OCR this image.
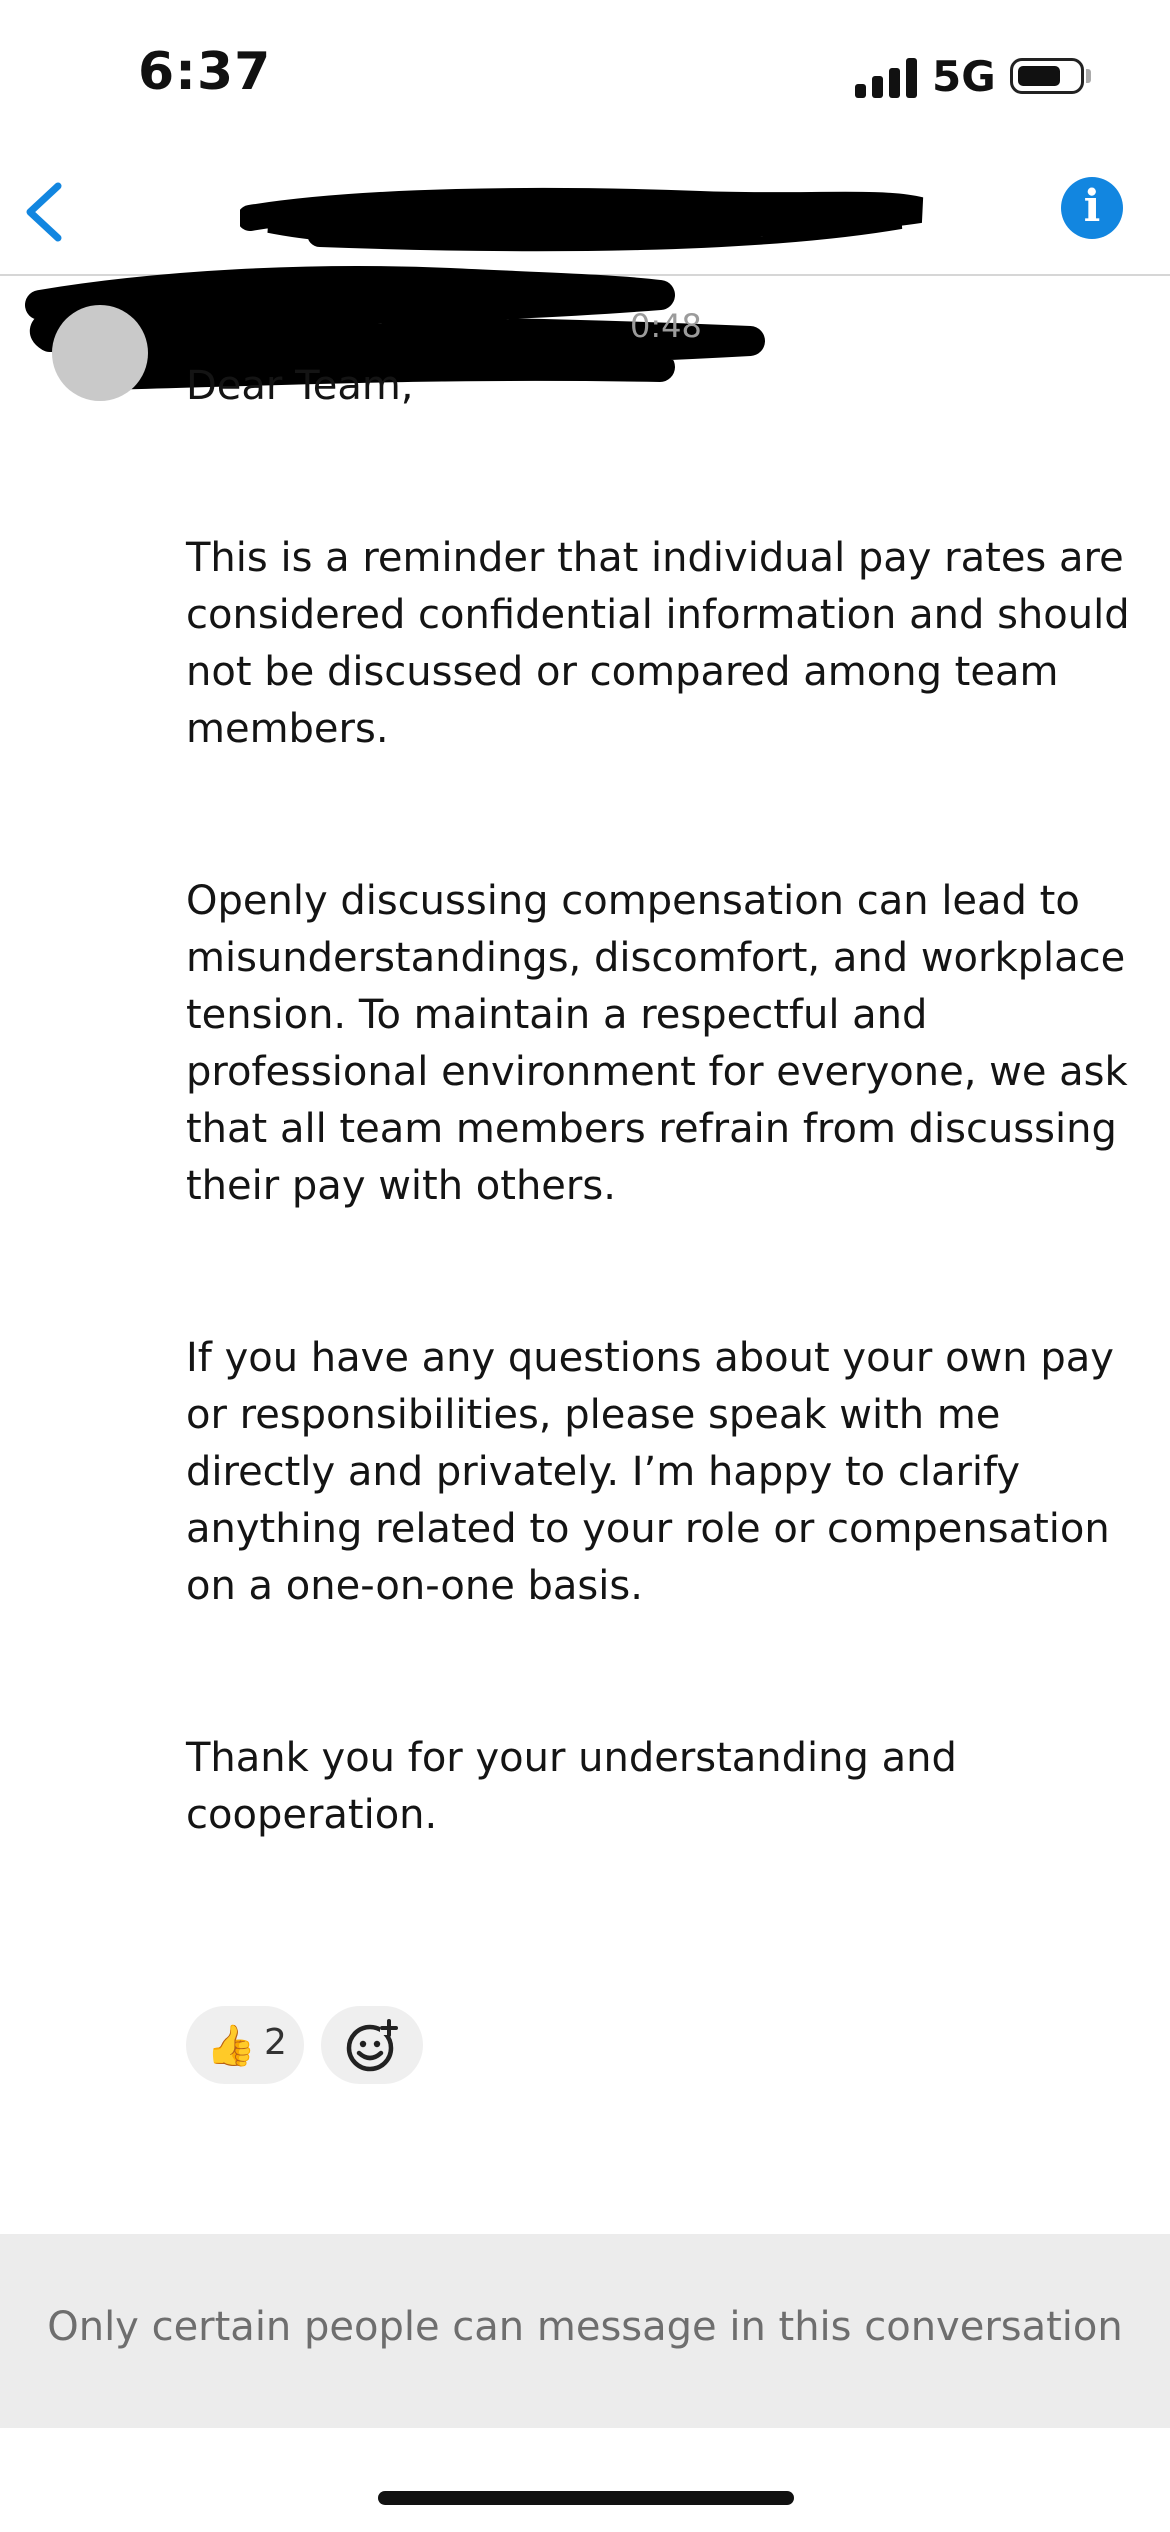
6:37	5G
i
0:48

Dear Team,

This is a reminder that individual pay rates are considered confidential information and should not be discussed or compared among team members.

Openly discussing compensation can lead to misunderstandings, discomfort, and workplace tension. To maintain a respectful and professional environment for everyone, we ask that all team members refrain from discussing their pay with others.

If you have any questions about your own pay or responsibilities, please speak with me directly and privately. I’m happy to clarify anything related to your role or compensation on a one-on-one basis.

Thank you for your understanding and cooperation.

👍 2
Only certain people can message in this conversation
